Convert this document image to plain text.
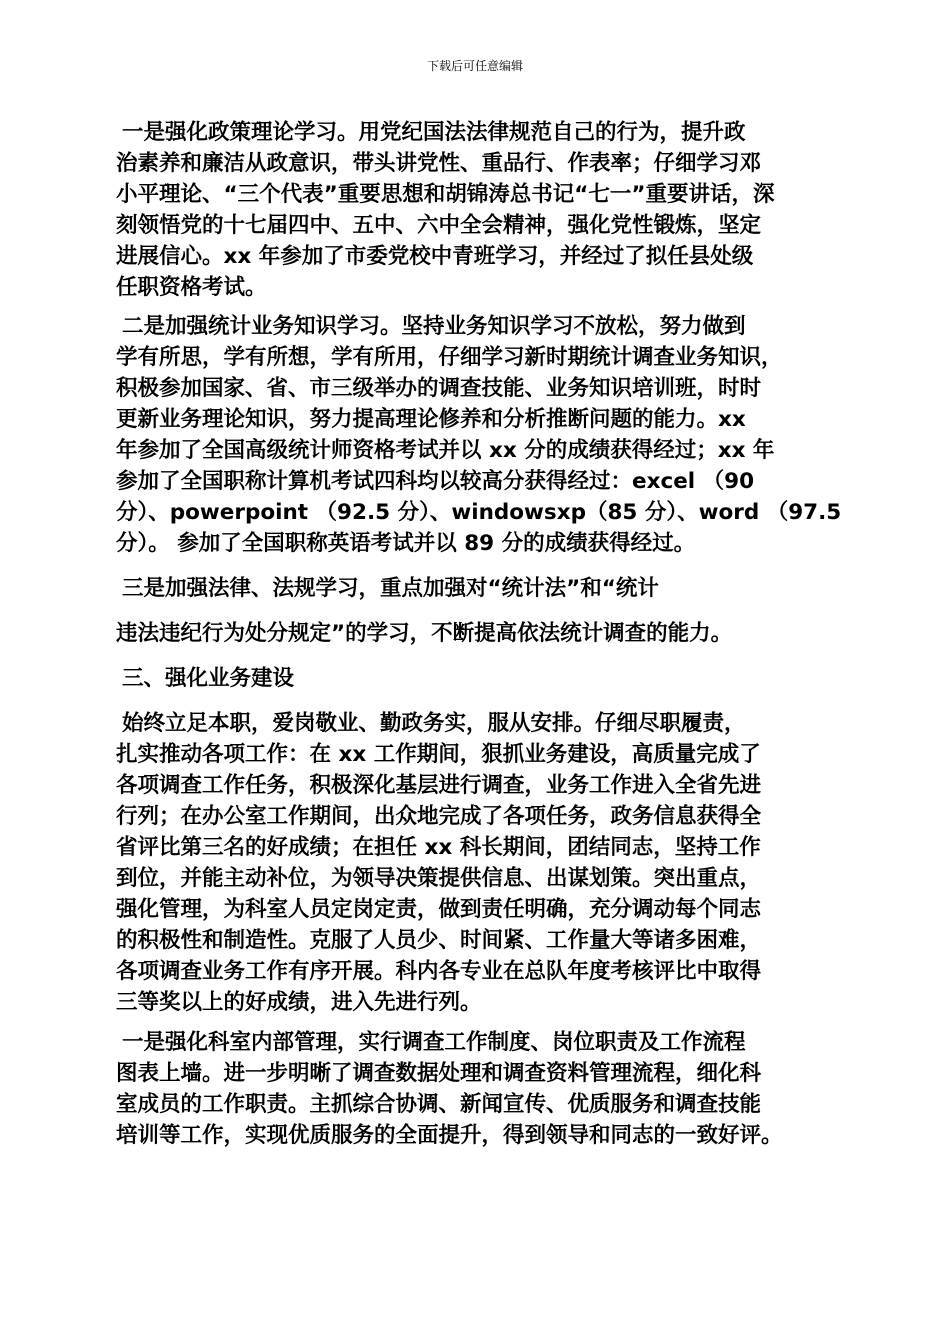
下载后可任意编辑

一是强化政策理论学习。用党纪国法法律规范自己的行为，提升政
治素养和廉洁从政意识，带头讲党性、重品行、作表率；仔细学习邓
小平理论、“三个代表”重要思想和胡锦涛总书记“七一”重要讲话，深
刻领悟党的十七届四中、五中、六中全会精神，强化党性锻炼，坚定
进展信心。xx 年参加了市委党校中青班学习，并经过了拟任县处级
任职资格考试。

二是加强统计业务知识学习。坚持业务知识学习不放松，努力做到
学有所思，学有所想，学有所用，仔细学习新时期统计调查业务知识，
积极参加国家、省、市三级举办的调查技能、业务知识培训班，时时
更新业务理论知识，努力提高理论修养和分析推断问题的能力。xx
年参加了全国高级统计师资格考试并以 xx 分的成绩获得经过；xx 年
参加了全国职称计算机考试四科均以较高分获得经过：excel （90
分）、powerpoint （92.5 分）、windowsxp（85 分）、word （97.5
分）。 参加了全国职称英语考试并以 89 分的成绩获得经过。

三是加强法律、法规学习，重点加强对“统计法”和“统计

违法违纪行为处分规定”的学习，不断提高依法统计调查的能力。

三、强化业务建设

始终立足本职，爱岗敬业、勤政务实，服从安排。仔细尽职履责，
扎实推动各项工作：在 xx 工作期间，狠抓业务建设，高质量完成了
各项调查工作任务，积极深化基层进行调查，业务工作进入全省先进
行列；在办公室工作期间，出众地完成了各项任务，政务信息获得全
省评比第三名的好成绩；在担任 xx 科长期间，团结同志，坚持工作
到位，并能主动补位，为领导决策提供信息、出谋划策。突出重点，
强化管理，为科室人员定岗定责，做到责任明确，充分调动每个同志
的积极性和制造性。克服了人员少、时间紧、工作量大等诸多困难，
各项调查业务工作有序开展。科内各专业在总队年度考核评比中取得
三等奖以上的好成绩，进入先进行列。

一是强化科室内部管理，实行调查工作制度、岗位职责及工作流程
图表上墙。进一步明晰了调查数据处理和调查资料管理流程，细化科
室成员的工作职责。主抓综合协调、新闻宣传、优质服务和调查技能
培训等工作，实现优质服务的全面提升，得到领导和同志的一致好评。
